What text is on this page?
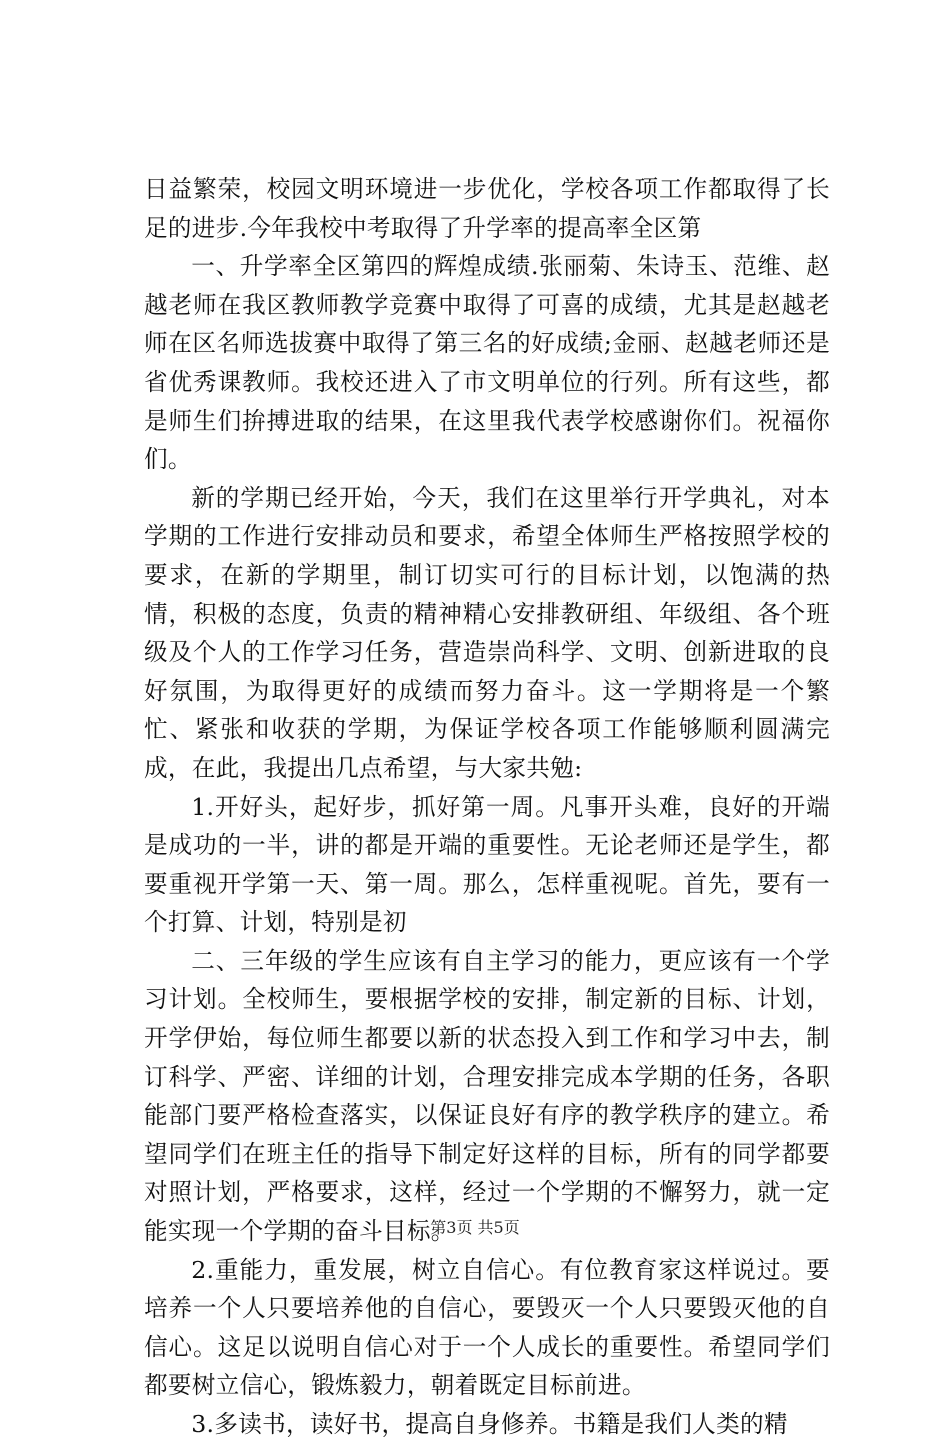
日益繁荣，校园文明环境进一步优化，学校各项工作都取得了长足的进步.今年我校中考取得了升学率的提高率全区第

一、升学率全区第四的辉煌成绩.张丽菊、朱诗玉、范维、赵越老师在我区教师教学竞赛中取得了可喜的成绩，尤其是赵越老师在区名师选拔赛中取得了第三名的好成绩;金丽、赵越老师还是省优秀课教师。我校还进入了市文明单位的行列。所有这些，都是师生们拚搏进取的结果，在这里我代表学校感谢你们。祝福你们。

新的学期已经开始，今天，我们在这里举行开学典礼，对本学期的工作进行安排动员和要求，希望全体师生严格按照学校的要求，在新的学期里，制订切实可行的目标计划，以饱满的热情，积极的态度，负责的精神精心安排教研组、年级组、各个班级及个人的工作学习任务，营造崇尚科学、文明、创新进取的良好氛围，为取得更好的成绩而努力奋斗。这一学期将是一个繁忙、紧张和收获的学期，为保证学校各项工作能够顺利圆满完成，在此，我提出几点希望，与大家共勉:

1.开好头，起好步，抓好第一周。凡事开头难，良好的开端是成功的一半，讲的都是开端的重要性。无论老师还是学生，都要重视开学第一天、第一周。那么，怎样重视呢。首先，要有一个打算、计划，特别是初

二、三年级的学生应该有自主学习的能力，更应该有一个学习计划。全校师生，要根据学校的安排，制定新的目标、计划，开学伊始，每位师生都要以新的状态投入到工作和学习中去，制订科学、严密、详细的计划，合理安排完成本学期的任务，各职能部门要严格检查落实，以保证良好有序的教学秩序的建立。希望同学们在班主任的指导下制定好这样的目标，所有的同学都要对照计划，严格要求，这样，经过一个学期的不懈努力，就一定能实现一个学期的奋斗目标。

2.重能力，重发展，树立自信心。有位教育家这样说过。要培养一个人只要培养他的自信心，要毁灭一个人只要毁灭他的自信心。这足以说明自信心对于一个人成长的重要性。希望同学们都要树立信心，锻炼毅力，朝着既定目标前进。

3.多读书，读好书，提高自身修养。书籍是我们人类的精

第3页 共5页
